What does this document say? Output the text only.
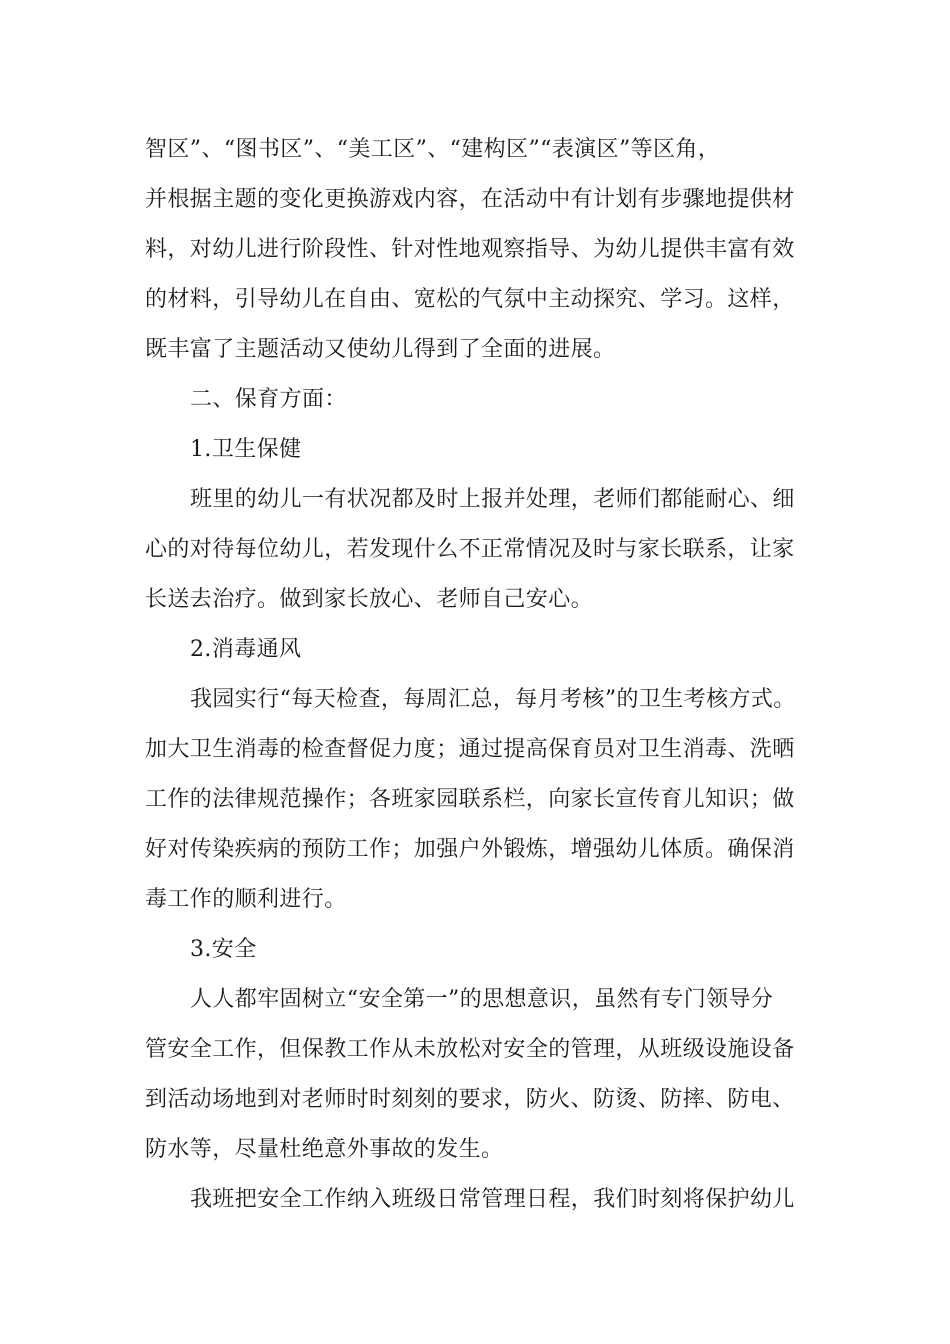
智区”、“图书区”、“美工区”、“建构区”“表演区”等区角，
并根据主题的变化更换游戏内容，在活动中有计划有步骤地提供材
料，对幼儿进行阶段性、针对性地观察指导、为幼儿提供丰富有效
的材料，引导幼儿在自由、宽松的气氛中主动探究、学习。这样，
既丰富了主题活动又使幼儿得到了全面的进展。
二、保育方面：
1.卫生保健
班里的幼儿一有状况都及时上报并处理，老师们都能耐心、细
心的对待每位幼儿，若发现什么不正常情况及时与家长联系，让家
长送去治疗。做到家长放心、老师自己安心。
2.消毒通风
我园实行“每天检查，每周汇总，每月考核”的卫生考核方式。
加大卫生消毒的检查督促力度；通过提高保育员对卫生消毒、洗晒
工作的法律规范操作；各班家园联系栏，向家长宣传育儿知识；做
好对传染疾病的预防工作；加强户外锻炼，增强幼儿体质。确保消
毒工作的顺利进行。
3.安全
人人都牢固树立“安全第一”的思想意识，虽然有专门领导分
管安全工作，但保教工作从未放松对安全的管理，从班级设施设备
到活动场地到对老师时时刻刻的要求，防火、防烫、防摔、防电、
防水等，尽量杜绝意外事故的发生。
我班把安全工作纳入班级日常管理日程，我们时刻将保护幼儿
